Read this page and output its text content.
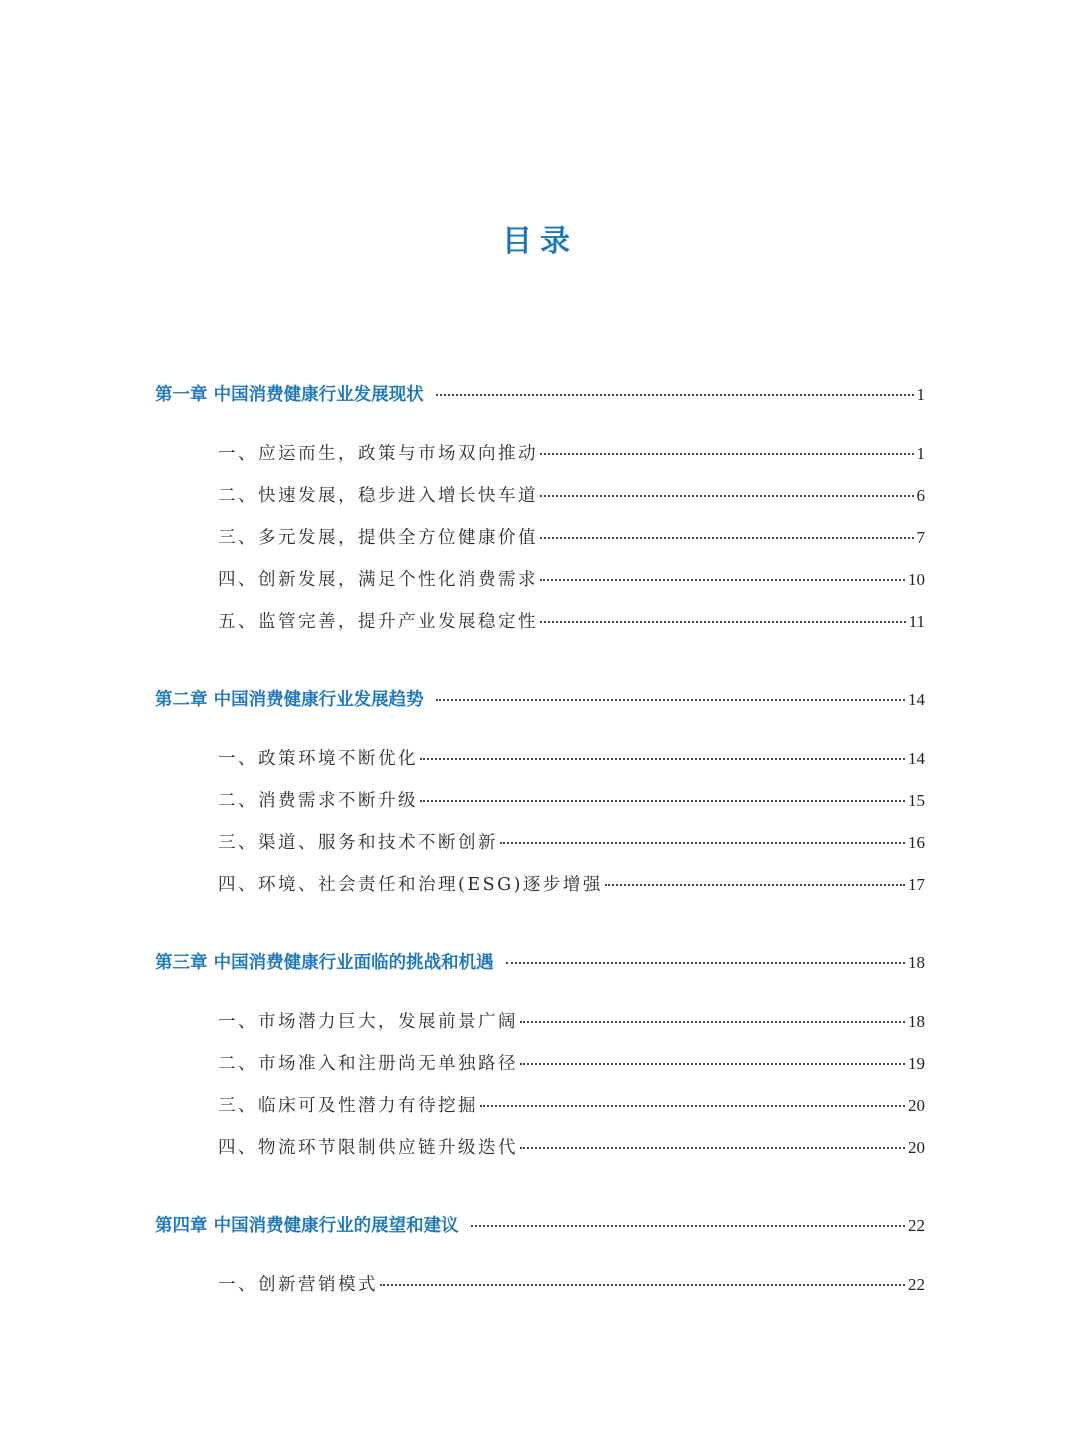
目录
第一章 中国消费健康行业发展现状	1
一、应运而生，政策与市场双向推动	1
二、快速发展，稳步进入增长快车道	6
三、多元发展，提供全方位健康价值	7
四、创新发展，满足个性化消费需求	10
五、监管完善，提升产业发展稳定性	11
第二章 中国消费健康行业发展趋势	14
一、政策环境不断优化	14
二、消费需求不断升级	15
三、渠道、服务和技术不断创新	16
四、环境、社会责任和治理(ESG)逐步增强	17
第三章 中国消费健康行业面临的挑战和机遇	18
一、市场潜力巨大，发展前景广阔	18
二、市场准入和注册尚无单独路径	19
三、临床可及性潜力有待挖掘	20
四、物流环节限制供应链升级迭代	20
第四章 中国消费健康行业的展望和建议	22
一、创新营销模式	22
